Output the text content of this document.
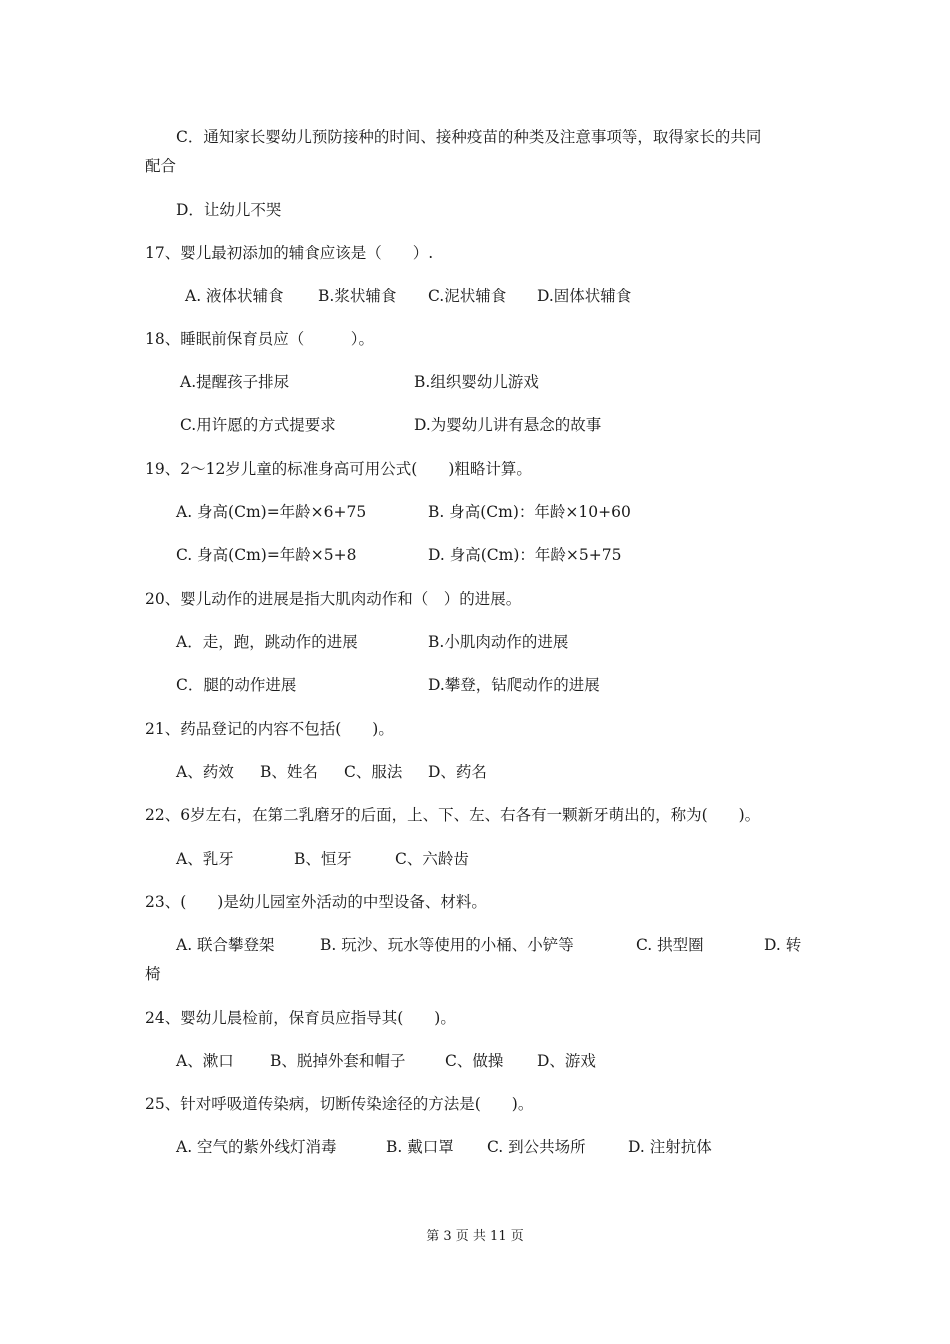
C．通知家长婴幼儿预防接种的时间、接种疫苗的种类及注意事项等，取得家长的共同
配合
D．让幼儿不哭
17、婴儿最初添加的辅食应该是（　　）.
A. 液体状辅食 B.浆状辅食 C.泥状辅食 D.固体状辅食
18、睡眠前保育员应（　　　）。
A.提醒孩子排尿	B.组织婴幼儿游戏
C.用许愿的方式提要求	D.为婴幼儿讲有悬念的故事
19、2～12岁儿童的标准身高可用公式(　　)粗略计算。
A. 身高(Cm)=年龄×6+75	B. 身高(Cm)：年龄×10+60
C. 身高(Cm)=年龄×5+8	D. 身高(Cm)：年龄×5+75
20、婴儿动作的进展是指大肌肉动作和（　）的进展。
A．走，跑，跳动作的进展	B.小肌肉动作的进展
C．腿的动作进展	D.攀登，钻爬动作的进展
21、药品登记的内容不包括(　　)。
A、药效 B、姓名 C、服法 D、药名
22、6岁左右，在第二乳磨牙的后面，上、下、左、右各有一颗新牙萌出的，称为(　　)。
A、乳牙	B、恒牙	C、六龄齿
23、(　　)是幼儿园室外活动的中型设备、材料。
A. 联合攀登架	B. 玩沙、玩水等使用的小桶、小铲等	C. 拱型圈	D. 转
椅
24、婴幼儿晨检前，保育员应指导其(　　)。
A、漱口 B、脱掉外套和帽子	C、做操 D、游戏
25、针对呼吸道传染病，切断传染途径的方法是(　　)。
A. 空气的紫外线灯消毒	B. 戴口罩 C. 到公共场所	D. 注射抗体
第 3 页 共 11 页
